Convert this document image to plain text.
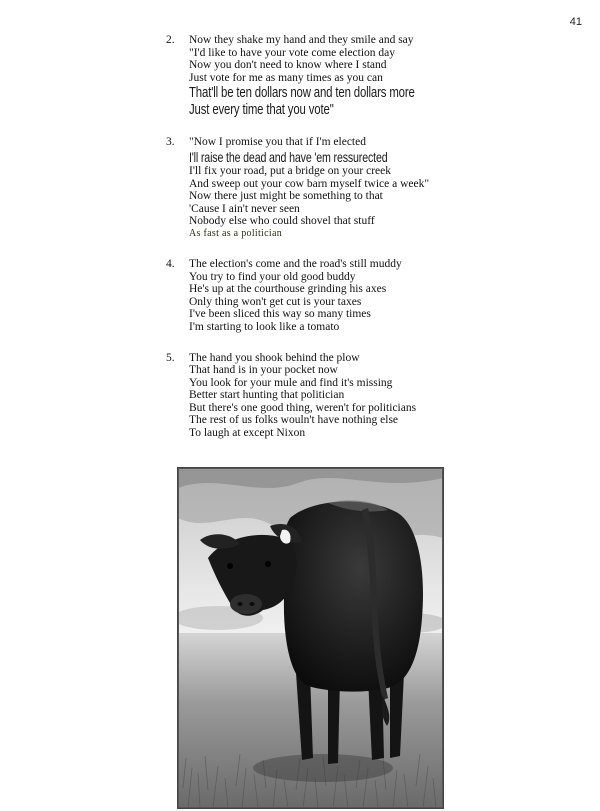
41
2.	Now they shake my hand and they smile and say
"I'd like to have your vote come election day
Now you don't need to know where I stand
Just vote for me as many times as you can
That'll be ten dollars now and ten dollars more
Just every time that you vote"
3.	"Now I promise you that if I'm elected
I'll raise the dead and have 'em ressurected
I'll fix your road, put a bridge on your creek
And sweep out your cow barn myself twice a week"
Now there just might be something to that
'Cause I ain't never seen
Nobody else who could shovel that stuff
As fast as a politician
4.	The election's come and the road's still muddy
You try to find your old good buddy
He's up at the courthouse grinding his axes
Only thing won't get cut is your taxes
I've been sliced this way so many times
I'm starting to look like a tomato
5.	The hand you shook behind the plow
That hand is in your pocket now
You look for your mule and find it's missing
Better start hunting that politician
But there's one good thing, weren't for politicians
The rest of us folks wouln't have nothing else
To laugh at except Nixon
